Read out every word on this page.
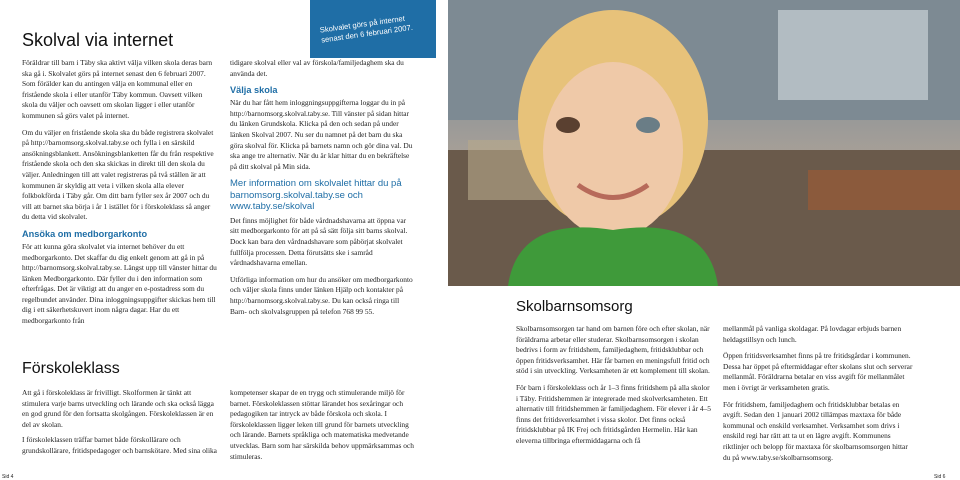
Skolval via internet

Föräldrar till barn i Täby ska aktivt välja vilken skola deras barn ska gå i. Skolvalet görs på internet senast den 6 februari 2007. Som förälder kan du antingen välja en kommunal eller en fristående skola i eller utanför Täby kommun. Oavsett vilken skola du väljer och oavsett om skolan ligger i eller utanför kommunen så görs valet på internet.

Om du väljer en fristående skola ska du både registrera skolvalet på http://barnomsorg.skolval.taby.se och fylla i en särskild ansökningsblankett. Ansökningsblanketten får du från respektive fristående skola och den ska skickas in direkt till den skola du väljer. Anledningen till att valet registreras på två ställen är att kommunen är skyldig att veta i vilken skola alla elever folkbokförda i Täby går. Om ditt barn fyller sex år 2007 och du vill att barnet ska börja i år 1 istället för i förskoleklass så anger du detta vid skolvalet.

Ansöka om medborgarkonto

För att kunna göra skolvalet via internet behöver du ett medborgarkonto. Det skaffar du dig enkelt genom att gå in på http://barnomsorg.skolval.taby.se. Längst upp till vänster hittar du länken Medborgarkonto. Där fyller du i den information som efterfrågas. Det är viktigt att du anger en e-postadress som du regelbundet använder. Dina inloggningsuppgifter skickas hem till dig i ett säkerhetskuvert inom några dagar. Har du ett medborgarkonto från

tidigare skolval eller val av förskola/familjedaghem ska du använda det.

Välja skola

När du har fått hem inloggningsuppgifterna loggar du in på http://barnomsorg.skolval.taby.se. Till vänster på sidan hittar du länken Grundskola. Klicka på den och sedan på under länken Skolval 2007. Nu ser du namnet på det barn du ska göra skolval för. Klicka på barnets namn och gör dina val. Du ska ange tre alternativ. När du är klar hittar du en bekräftelse på ditt skolval på Min sida.

Mer information om skolvalet hittar du på barnomsorg.skolval.taby.se och www.taby.se/skolval

Det finns möjlighet för både vårdnadshavarna att öppna var sitt medborgarkonto för att på så sätt följa sitt barns skolval. Dock kan bara den vårdnadshavare som påbörjat skolvalet fullfölja processen. Detta förutsätts ske i samråd vårdnadshavarna emellan.

Utförliga information om hur du ansöker om medborgarkonto och väljer skola finns under länken Hjälp och kontakter på http://barnomsorg.skolval.taby.se. Du kan också ringa till Barn- och skolvalsgruppen på telefon 768 99 55.

Skolvalet görs på internet senast den 6 februari 2007.
Förskoleklass

Att gå i förskoleklass är frivilligt. Skolformen är tänkt att stimulera varje barns utveckling och lärande och ska också lägga en god grund för den fortsatta skolgången. Förskoleklassen är en del av skolan.

I förskoleklassen träffar barnet både förskollärare och grundskollärare, fritidspedagoger och barnskötare. Med sina olika

kompetenser skapar de en trygg och stimulerande miljö för barnet. Förskoleklassen stöttar lärandet hos sexåringar och pedagogiken tar intryck av både förskola och skola. I förskoleklassen ligger leken till grund för barnets utveckling och lärande. Barnets språkliga och matematiska medvetande utvecklas. Barn som har särskilda behov uppmärksammas och stimuleras.

Sid 4
Skolbarnsomsorg

Skolbarnsomsorgen tar hand om barnen före och efter skolan, när föräldrarna arbetar eller studerar. Skolbarnsomsorgen i skolan bedrivs i form av fritidshem, familjedaghem, fritidsklubbar och öppen fritidsverksamhet. Här får barnen en meningsfull fritid och stöd i sin utveckling. Verksamheten är ett komplement till skolan.

För barn i förskoleklass och år 1–3 finns fritidshem på alla skolor i Täby. Fritidshemmen är integrerade med skolverksamheten. Ett alternativ till fritidshemmen är familjedaghem. För elever i år 4–5 finns det fritidsverksamhet i vissa skolor. Det finns också fritidsklubbar på IK Frej och fritidsgården Hermelin. Här kan eleverna tillbringa eftermiddagarna och få

mellanmål på vanliga skoldagar. På lovdagar erbjuds barnen heldagstillsyn och lunch.

Öppen fritidsverksamhet finns på tre fritidsgårdar i kommunen. Dessa har öppet på eftermiddagar efter skolans slut och serverar mellanmål. Föräldrarna betalar en viss avgift för mellanmålet men i övrigt är verksamheten gratis.

För fritidshem, familjedaghem och fritidsklubbar betalas en avgift. Sedan den 1 januari 2002 tillämpas maxtaxa för både kommunal och enskild verksamhet. Verksamhet som drivs i enskild regi har rätt att ta ut en lägre avgift. Kommunens riktlinjer och belopp för maxtaxa för skolbarnsomsorgen hittar du på www.taby.se/skolbarnsomsorg.

Sid 6
